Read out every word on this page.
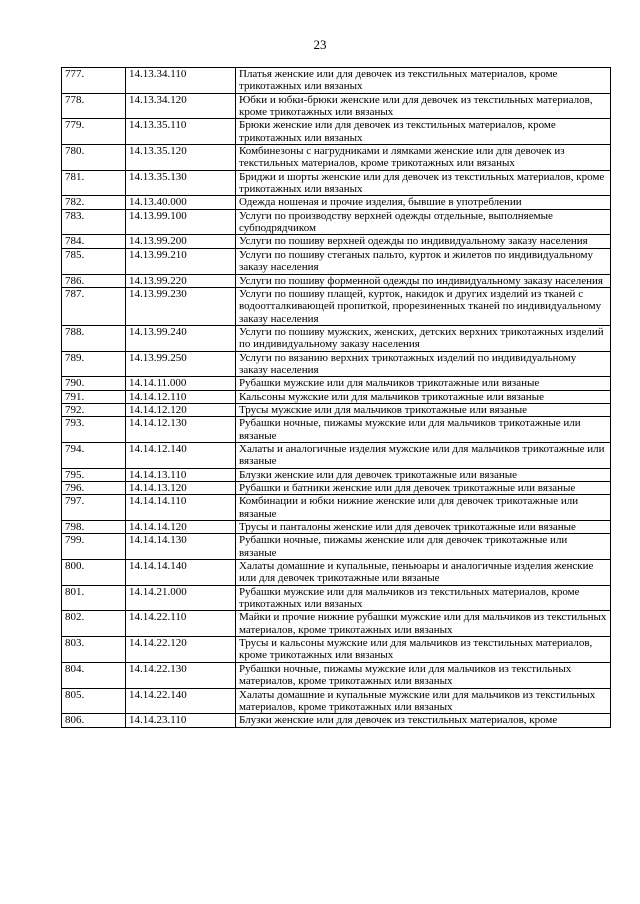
23
777.	14.13.34.110	Платья женские или для девочек из текстильных материалов, кроме трикотажных или вязаных
778.	14.13.34.120	Юбки и юбки-брюки женские или для девочек из текстильных материалов, кроме трикотажных или вязаных
779.	14.13.35.110	Брюки женские или для девочек из текстильных материалов, кроме трикотажных или вязаных
780.	14.13.35.120	Комбинезоны с нагрудниками и лямками женские или для девочек из текстильных материалов, кроме трикотажных или вязаных
781.	14.13.35.130	Бриджи и шорты женские или для девочек из текстильных материалов, кроме трикотажных или вязаных
782.	14.13.40.000	Одежда ношеная и прочие изделия, бывшие в употреблении
783.	14.13.99.100	Услуги по производству верхней одежды отдельные, выполняемые субподрядчиком
784.	14.13.99.200	Услуги по пошиву верхней одежды по индивидуальному заказу населения
785.	14.13.99.210	Услуги по пошиву стеганых пальто, курток и жилетов по индивидуальному заказу населения
786.	14.13.99.220	Услуги по пошиву форменной одежды по индивидуальному заказу населения
787.	14.13.99.230	Услуги по пошиву плащей, курток, накидок и других изделий из тканей с водоотталкивающей пропиткой, прорезиненных тканей по индивидуальному заказу населения
788.	14.13.99.240	Услуги по пошиву мужских, женских, детских верхних трикотажных изделий по индивидуальному заказу населения
789.	14.13.99.250	Услуги по вязанию верхних трикотажных изделий по индивидуальному заказу населения
790.	14.14.11.000	Рубашки мужские или для мальчиков трикотажные или вязаные
791.	14.14.12.110	Кальсоны мужские или для мальчиков трикотажные или вязаные
792.	14.14.12.120	Трусы мужские или для мальчиков трикотажные или вязаные
793.	14.14.12.130	Рубашки ночные, пижамы мужские или для мальчиков трикотажные или вязаные
794.	14.14.12.140	Халаты и аналогичные изделия мужские или для мальчиков трикотажные или вязаные
795.	14.14.13.110	Блузки женские или для девочек трикотажные или вязаные
796.	14.14.13.120	Рубашки и батники женские или для девочек трикотажные или вязаные
797.	14.14.14.110	Комбинации и юбки нижние женские или для девочек трикотажные или вязаные
798.	14.14.14.120	Трусы и панталоны женские или для девочек трикотажные или вязаные
799.	14.14.14.130	Рубашки ночные, пижамы женские или для девочек трикотажные или вязаные
800.	14.14.14.140	Халаты домашние и купальные, пеньюары и аналогичные изделия женские или для девочек трикотажные или вязаные
801.	14.14.21.000	Рубашки мужские или для мальчиков из текстильных материалов, кроме трикотажных или вязаных
802.	14.14.22.110	Майки и прочие нижние рубашки мужские или для мальчиков из текстильных материалов, кроме трикотажных или вязаных
803.	14.14.22.120	Трусы и кальсоны мужские или для мальчиков из текстильных материалов, кроме трикотажных или вязаных
804.	14.14.22.130	Рубашки ночные, пижамы мужские или для мальчиков из текстильных материалов, кроме трикотажных или вязаных
805.	14.14.22.140	Халаты домашние и купальные мужские или для мальчиков из текстильных материалов, кроме трикотажных или вязаных
806.	14.14.23.110	Блузки женские или для девочек из текстильных материалов, кроме
